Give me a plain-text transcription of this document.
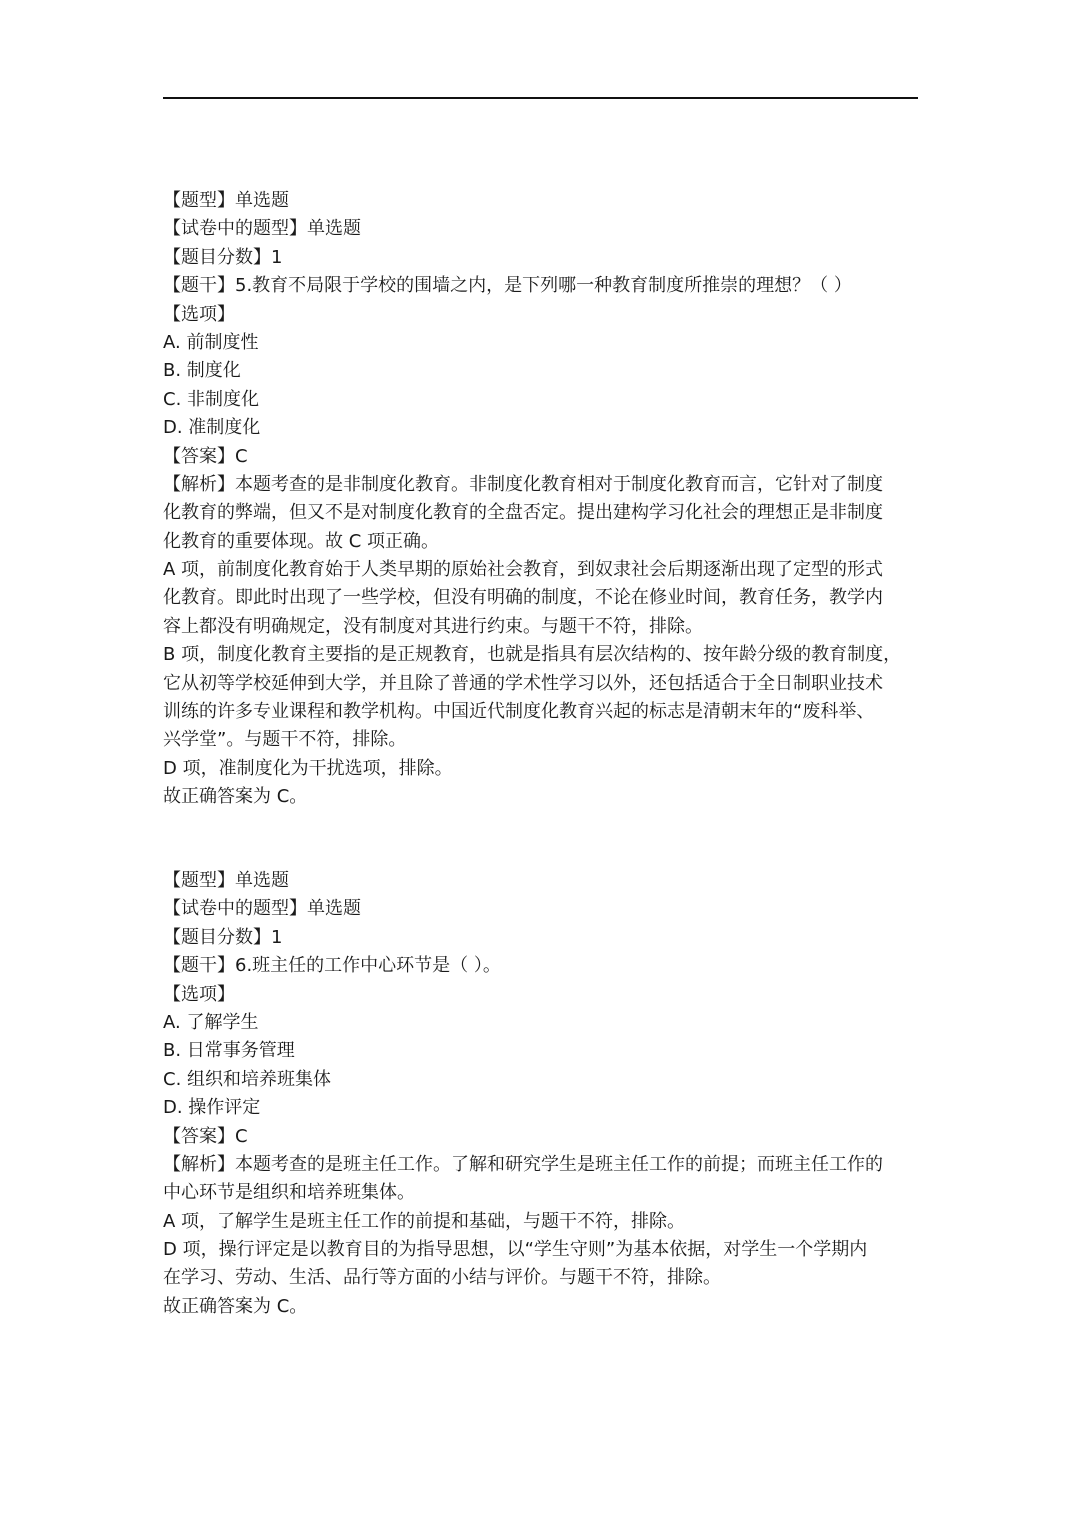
【题型】单选题
【试卷中的题型】单选题
【题目分数】1
【题干】5.教育不局限于学校的围墙之内，是下列哪一种教育制度所推崇的理想？（ ）
【选项】
A. 前制度性
B. 制度化
C. 非制度化
D. 准制度化
【答案】C
【解析】本题考查的是非制度化教育。非制度化教育相对于制度化教育而言，它针对了制度
化教育的弊端，但又不是对制度化教育的全盘否定。提出建构学习化社会的理想正是非制度
化教育的重要体现。故 C 项正确。
A 项，前制度化教育始于人类早期的原始社会教育，到奴隶社会后期逐渐出现了定型的形式
化教育。即此时出现了一些学校，但没有明确的制度，不论在修业时间，教育任务，教学内
容上都没有明确规定，没有制度对其进行约束。与题干不符，排除。
B 项，制度化教育主要指的是正规教育，也就是指具有层次结构的、按年龄分级的教育制度，
它从初等学校延伸到大学，并且除了普通的学术性学习以外，还包括适合于全日制职业技术
训练的许多专业课程和教学机构。中国近代制度化教育兴起的标志是清朝末年的“废科举、
兴学堂”。与题干不符，排除。
D 项，准制度化为干扰选项，排除。
故正确答案为 C。
【题型】单选题
【试卷中的题型】单选题
【题目分数】1
【题干】6.班主任的工作中心环节是（ ）。
【选项】
A. 了解学生
B. 日常事务管理
C. 组织和培养班集体
D. 操作评定
【答案】C
【解析】本题考查的是班主任工作。了解和研究学生是班主任工作的前提；而班主任工作的
中心环节是组织和培养班集体。
A 项，了解学生是班主任工作的前提和基础，与题干不符，排除。
D 项，操行评定是以教育目的为指导思想，以“学生守则”为基本依据，对学生一个学期内
在学习、劳动、生活、品行等方面的小结与评价。与题干不符，排除。
故正确答案为 C。
